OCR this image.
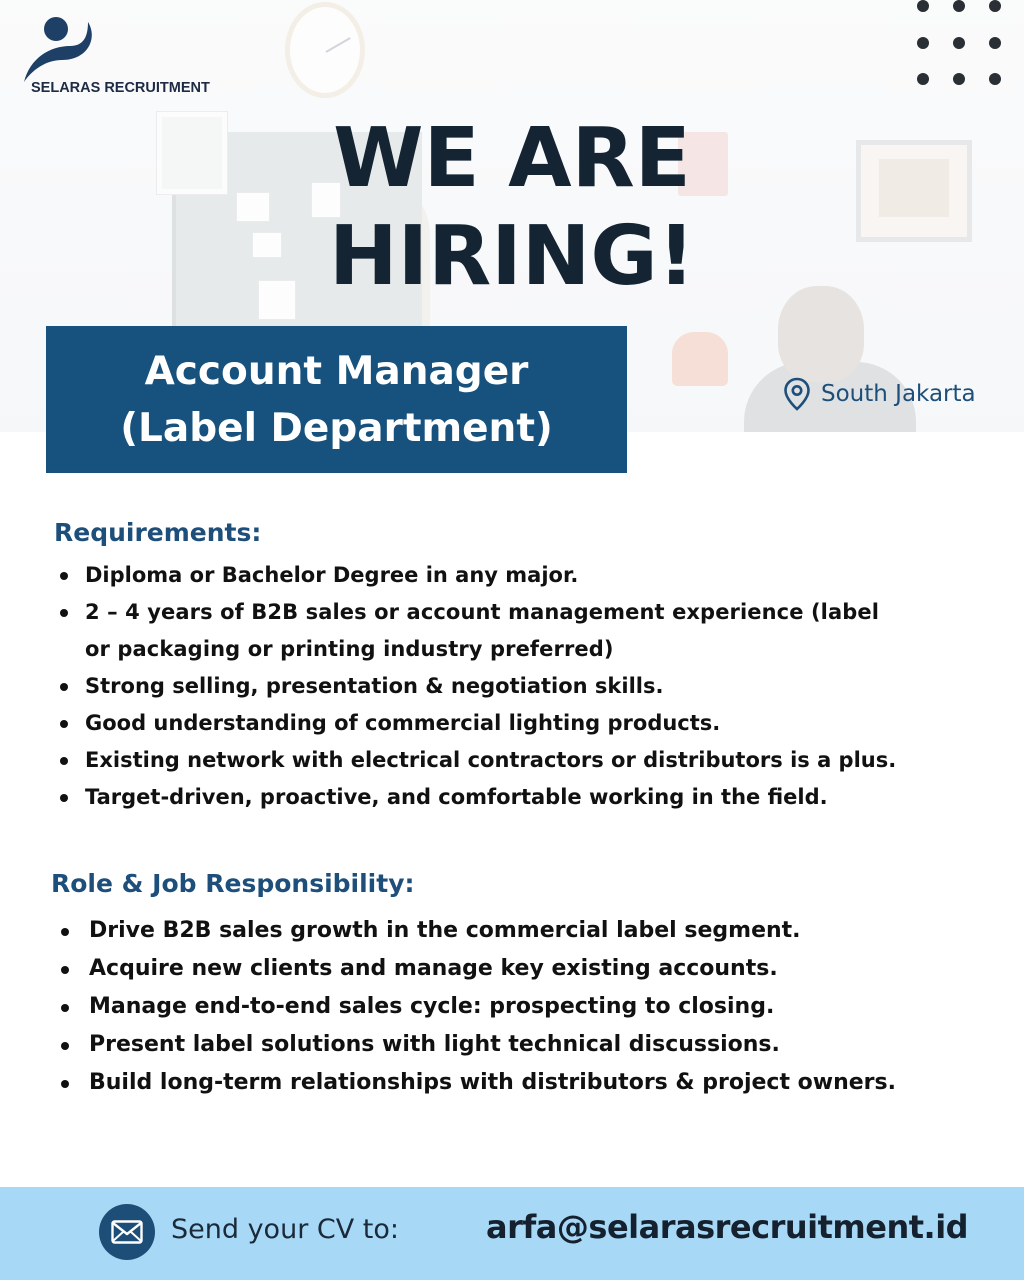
SELARAS RECRUITMENT
WE ARE
HIRING!
Account Manager
(Label Department)
South Jakarta
Requirements:
Diploma or Bachelor Degree in any major.
2 – 4 years of B2B sales or account management experience (label
or packaging or printing industry preferred)
Strong selling, presentation & negotiation skills.
Good understanding of commercial lighting products.
Existing network with electrical contractors or distributors is a plus.
Target-driven, proactive, and comfortable working in the field.
Role & Job Responsibility:
Drive B2B sales growth in the commercial label segment.
Acquire new clients and manage key existing accounts.
Manage end-to-end sales cycle: prospecting to closing.
Present label solutions with light technical discussions.
Build long-term relationships with distributors & project owners.
Send your CV to:	arfa@selarasrecruitment.id
